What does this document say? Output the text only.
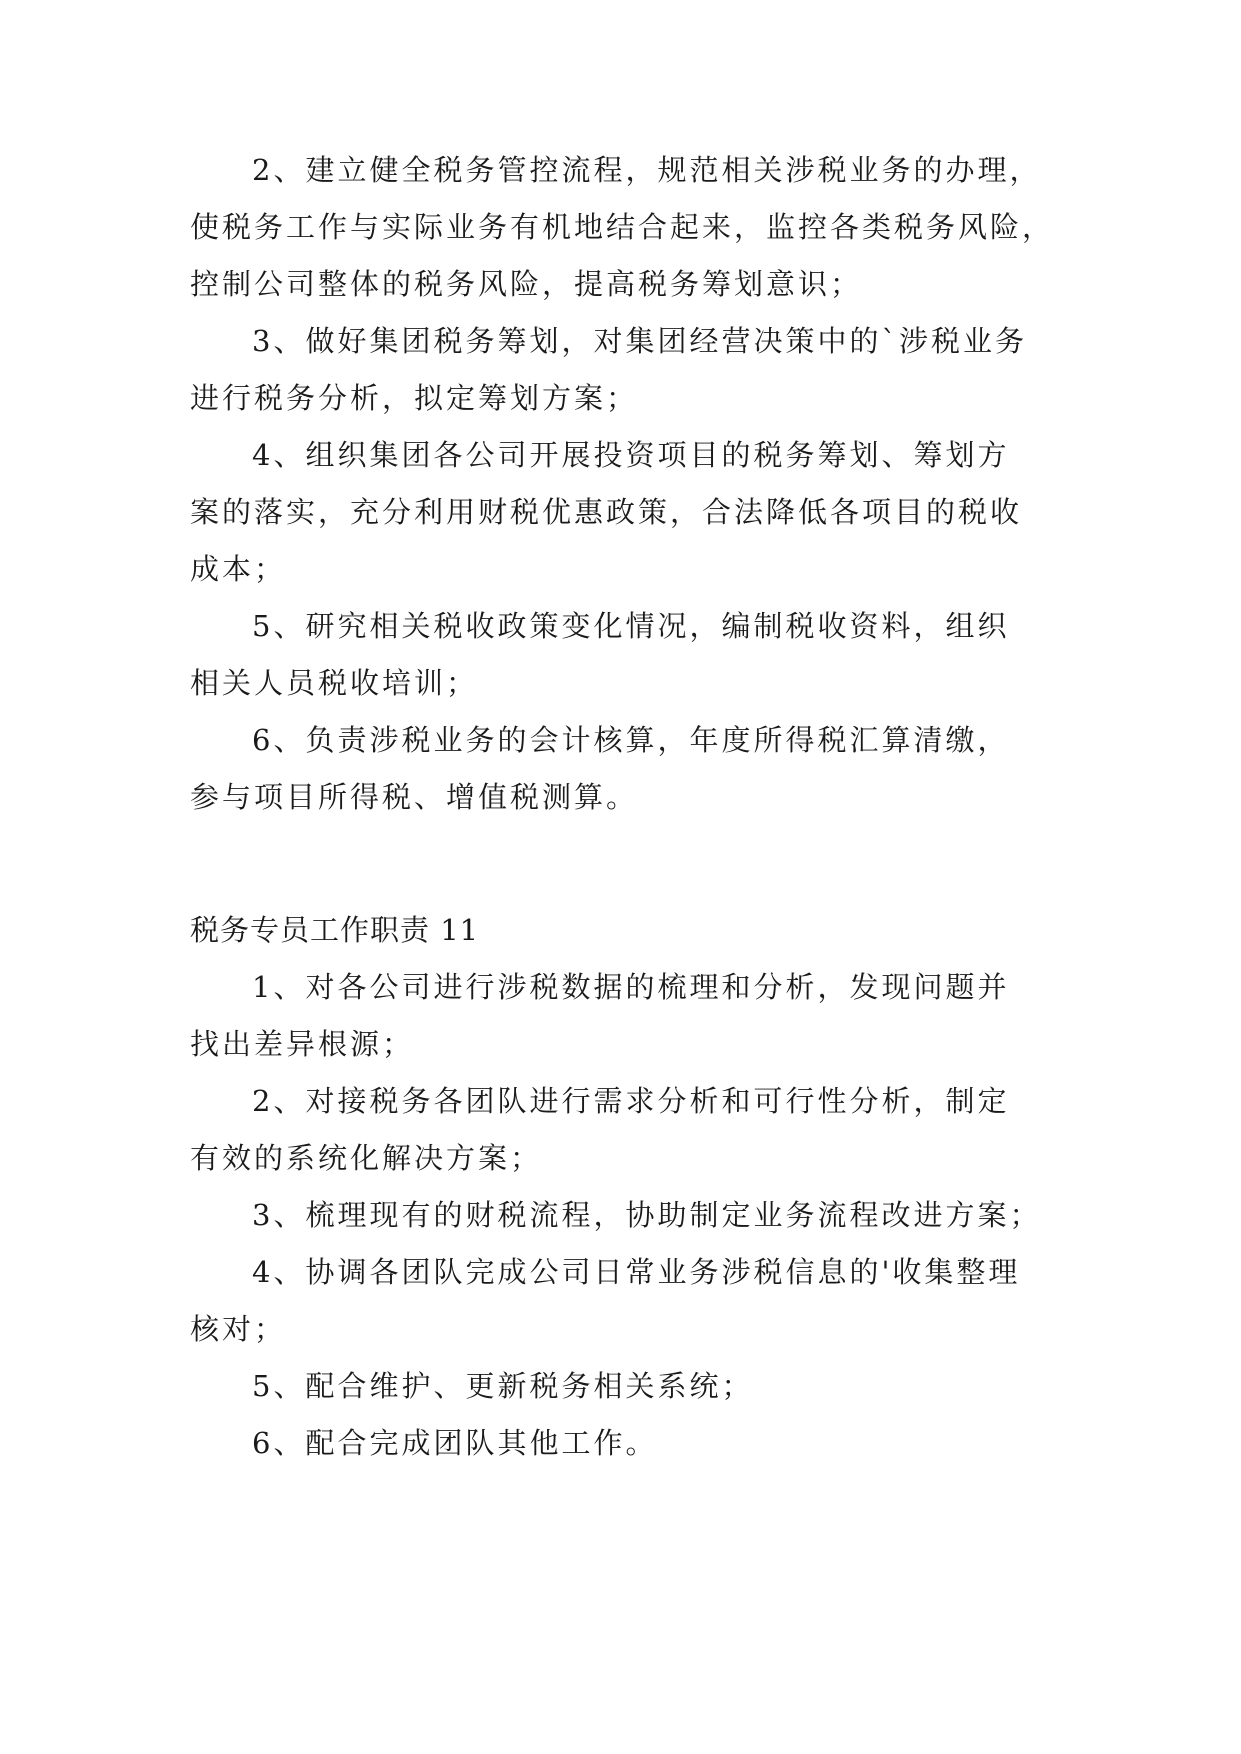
2、建立健全税务管控流程，规范相关涉税业务的办理，
使税务工作与实际业务有机地结合起来，监控各类税务风险，
控制公司整体的税务风险，提高税务筹划意识；
3、做好集团税务筹划，对集团经营决策中的`涉税业务
进行税务分析，拟定筹划方案；
4、组织集团各公司开展投资项目的税务筹划、筹划方
案的落实，充分利用财税优惠政策，合法降低各项目的税收
成本；
5、研究相关税收政策变化情况，编制税收资料，组织
相关人员税收培训；
6、负责涉税业务的会计核算，年度所得税汇算清缴，
参与项目所得税、增值税测算。
税务专员工作职责 11
1、对各公司进行涉税数据的梳理和分析，发现问题并
找出差异根源；
2、对接税务各团队进行需求分析和可行性分析，制定
有效的系统化解决方案；
3、梳理现有的财税流程，协助制定业务流程改进方案；
4、协调各团队完成公司日常业务涉税信息的'收集整理
核对；
5、配合维护、更新税务相关系统；
6、配合完成团队其他工作。
